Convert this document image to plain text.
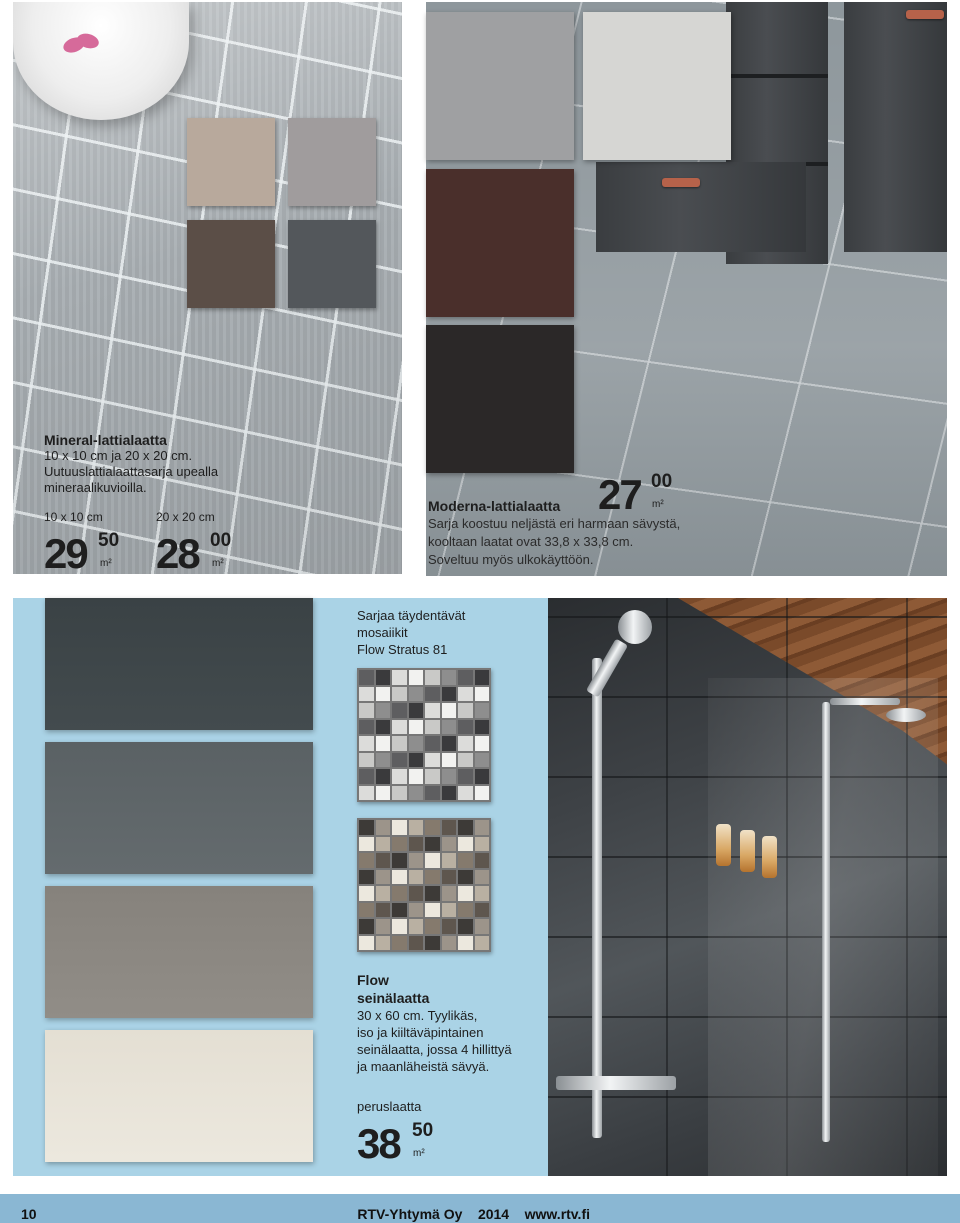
Mineral-lattialaatta
10 x 10 cm ja 20 x 20 cm.
Uutuuslattialaattasarja upealla
mineraalikuvioilla.
10 x 10 cm	20 x 20 cm
29 50
m² 28 00
m²
Moderna-lattialaatta
Sarja koostuu neljästä eri harmaan sävystä,
kooltaan laatat ovat 33,8 x 33,8 cm.
Soveltuu myös ulkokäyttöön.
27 00
m²
Sarjaa täydentävät
mosaiikit
Flow Stratus 81
Flow
seinälaatta
30 x 60 cm. Tyylikäs,
iso ja kiiltäväpintainen
seinälaatta, jossa 4 hillittyä
ja maanläheistä sävyä.
peruslaatta
38 50
m²
10	RTV-Yhtymä Oy 2014 www.rtv.fi
